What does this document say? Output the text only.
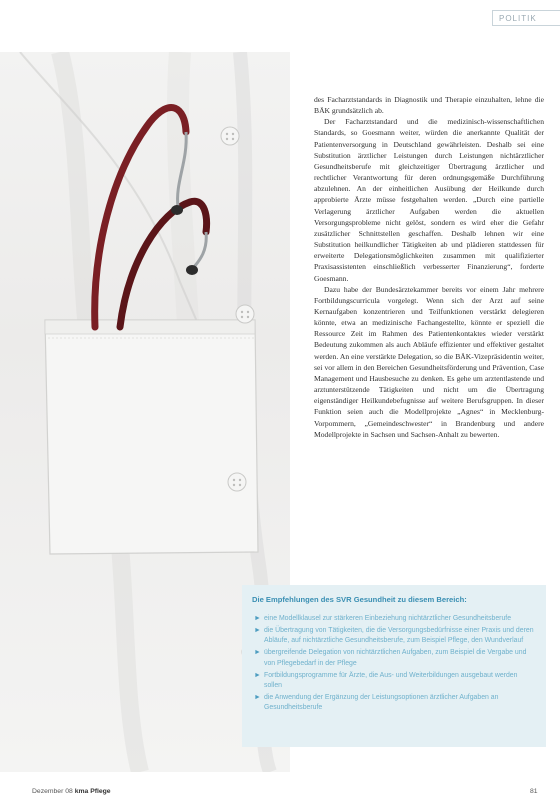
POLITIK

des Facharztstandards in Diagnostik und Therapie einzuhalten, lehne die BÄK grundsätzlich ab.

Der Facharztstandard und die medizinisch-wissenschaftlichen Standards, so Goesmann weiter, würden die anerkannte Qualität der Patientenversorgung in Deutschland gewährleisten. Deshalb sei eine Substitution ärztlicher Leistungen durch Leistungen nichtärztlicher Gesundheitsberufe mit gleichzeitiger Übertragung ärztlicher und rechtlicher Verantwortung für deren ordnungsgemäße Durchführung abzulehnen. An der einheitlichen Ausübung der Heilkunde durch approbierte Ärzte müsse festgehalten werden. „Durch eine partielle Verlagerung ärztlicher Aufgaben werden die aktuellen Versorgungsprobleme nicht gelöst, sondern es wird eher die Gefahr zusätzlicher Schnittstellen geschaffen. Deshalb lehnen wir eine Substitution heilkundlicher Tätigkeiten ab und plädieren stattdessen für erweiterte Delegationsmöglichkeiten zusammen mit qualifizierter Praxisassistenten einschließlich verbesserter Finanzierung“, forderte Goesmann.

Dazu habe der Bundesärztekammer bereits vor einem Jahr mehrere Fortbildungscurricula vorgelegt. Wenn sich der Arzt auf seine Kernaufgaben konzentrieren und Teilfunktionen verstärkt delegieren könnte, etwa an medizinische Fachangestellte, könnte er speziell die Ressource Zeit im Rahmen des Patientenkontaktes wieder verstärkt Bedeutung zukommen als auch Abläufe effizienter und effektiver gestaltet werden. An eine verstärkte Delegation, so die BÄK-Vizepräsidentin weiter, sei vor allem in den Bereichen Gesundheitsförderung und Prävention, Case Management und Hausbesuche zu denken. Es gehe um arztentlastende und arztunterstützende Tätigkeiten und nicht um die Übertragung eigenständiger Heilkundebefugnisse auf weitere Berufsgruppen. In dieser Funktion seien auch die Modellprojekte „Agnes“ in Mecklenburg-Vorpommern, „Gemeindeschwester“ in Brandenburg und andere Modellprojekte in Sachsen und Sachsen-Anhalt zu bewerten.

Die Empfehlungen des SVR Gesundheit zu diesem Bereich:
► eine Modellklausel zur stärkeren Einbeziehung nichtärztlicher Gesundheitsberufe
► die Übertragung von Tätigkeiten, die die Versorgungsbedürfnisse einer Praxis und deren Abläufe, auf nichtärztliche Gesundheitsberufe, zum Beispiel Pflege, den Wundverlauf
► übergreifende Delegation von nichtärztlichen Aufgaben, zum Beispiel die Vergabe und von Pflegebedarf in der Pflege
► Fortbildungsprogramme für Ärzte, die Aus- und Weiterbildungen ausgebaut werden sollen
► die Anwendung der Ergänzung der Leistungsoptionen ärztlicher Aufgaben an Gesundheitsberufe
Dezember 08 kma Pflege	81
